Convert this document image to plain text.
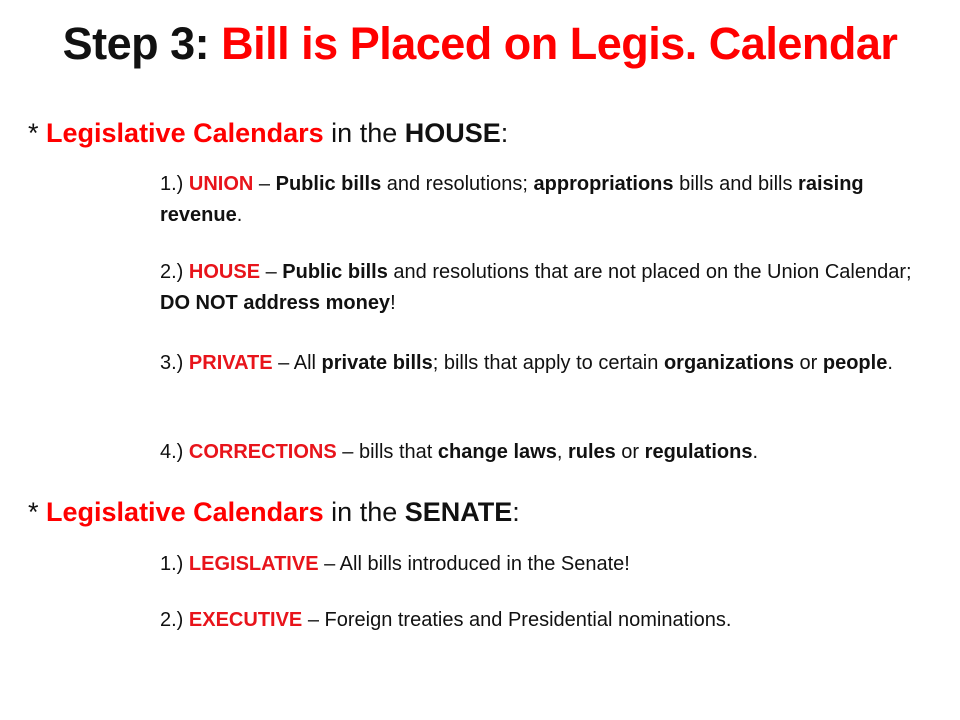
Step 3: Bill is Placed on Legis. Calendar
* Legislative Calendars in the HOUSE:
1.) UNION – Public bills and resolutions; appropriations bills and bills raising revenue.
2.) HOUSE – Public bills and resolutions that are not placed on the Union Calendar; DO NOT address money!
3.) PRIVATE – All private bills; bills that apply to certain organizations or people.
4.) CORRECTIONS – bills that change laws, rules or regulations.
* Legislative Calendars in the SENATE:
1.) LEGISLATIVE – All bills introduced in the Senate!
2.) EXECUTIVE – Foreign treaties and Presidential nominations.
